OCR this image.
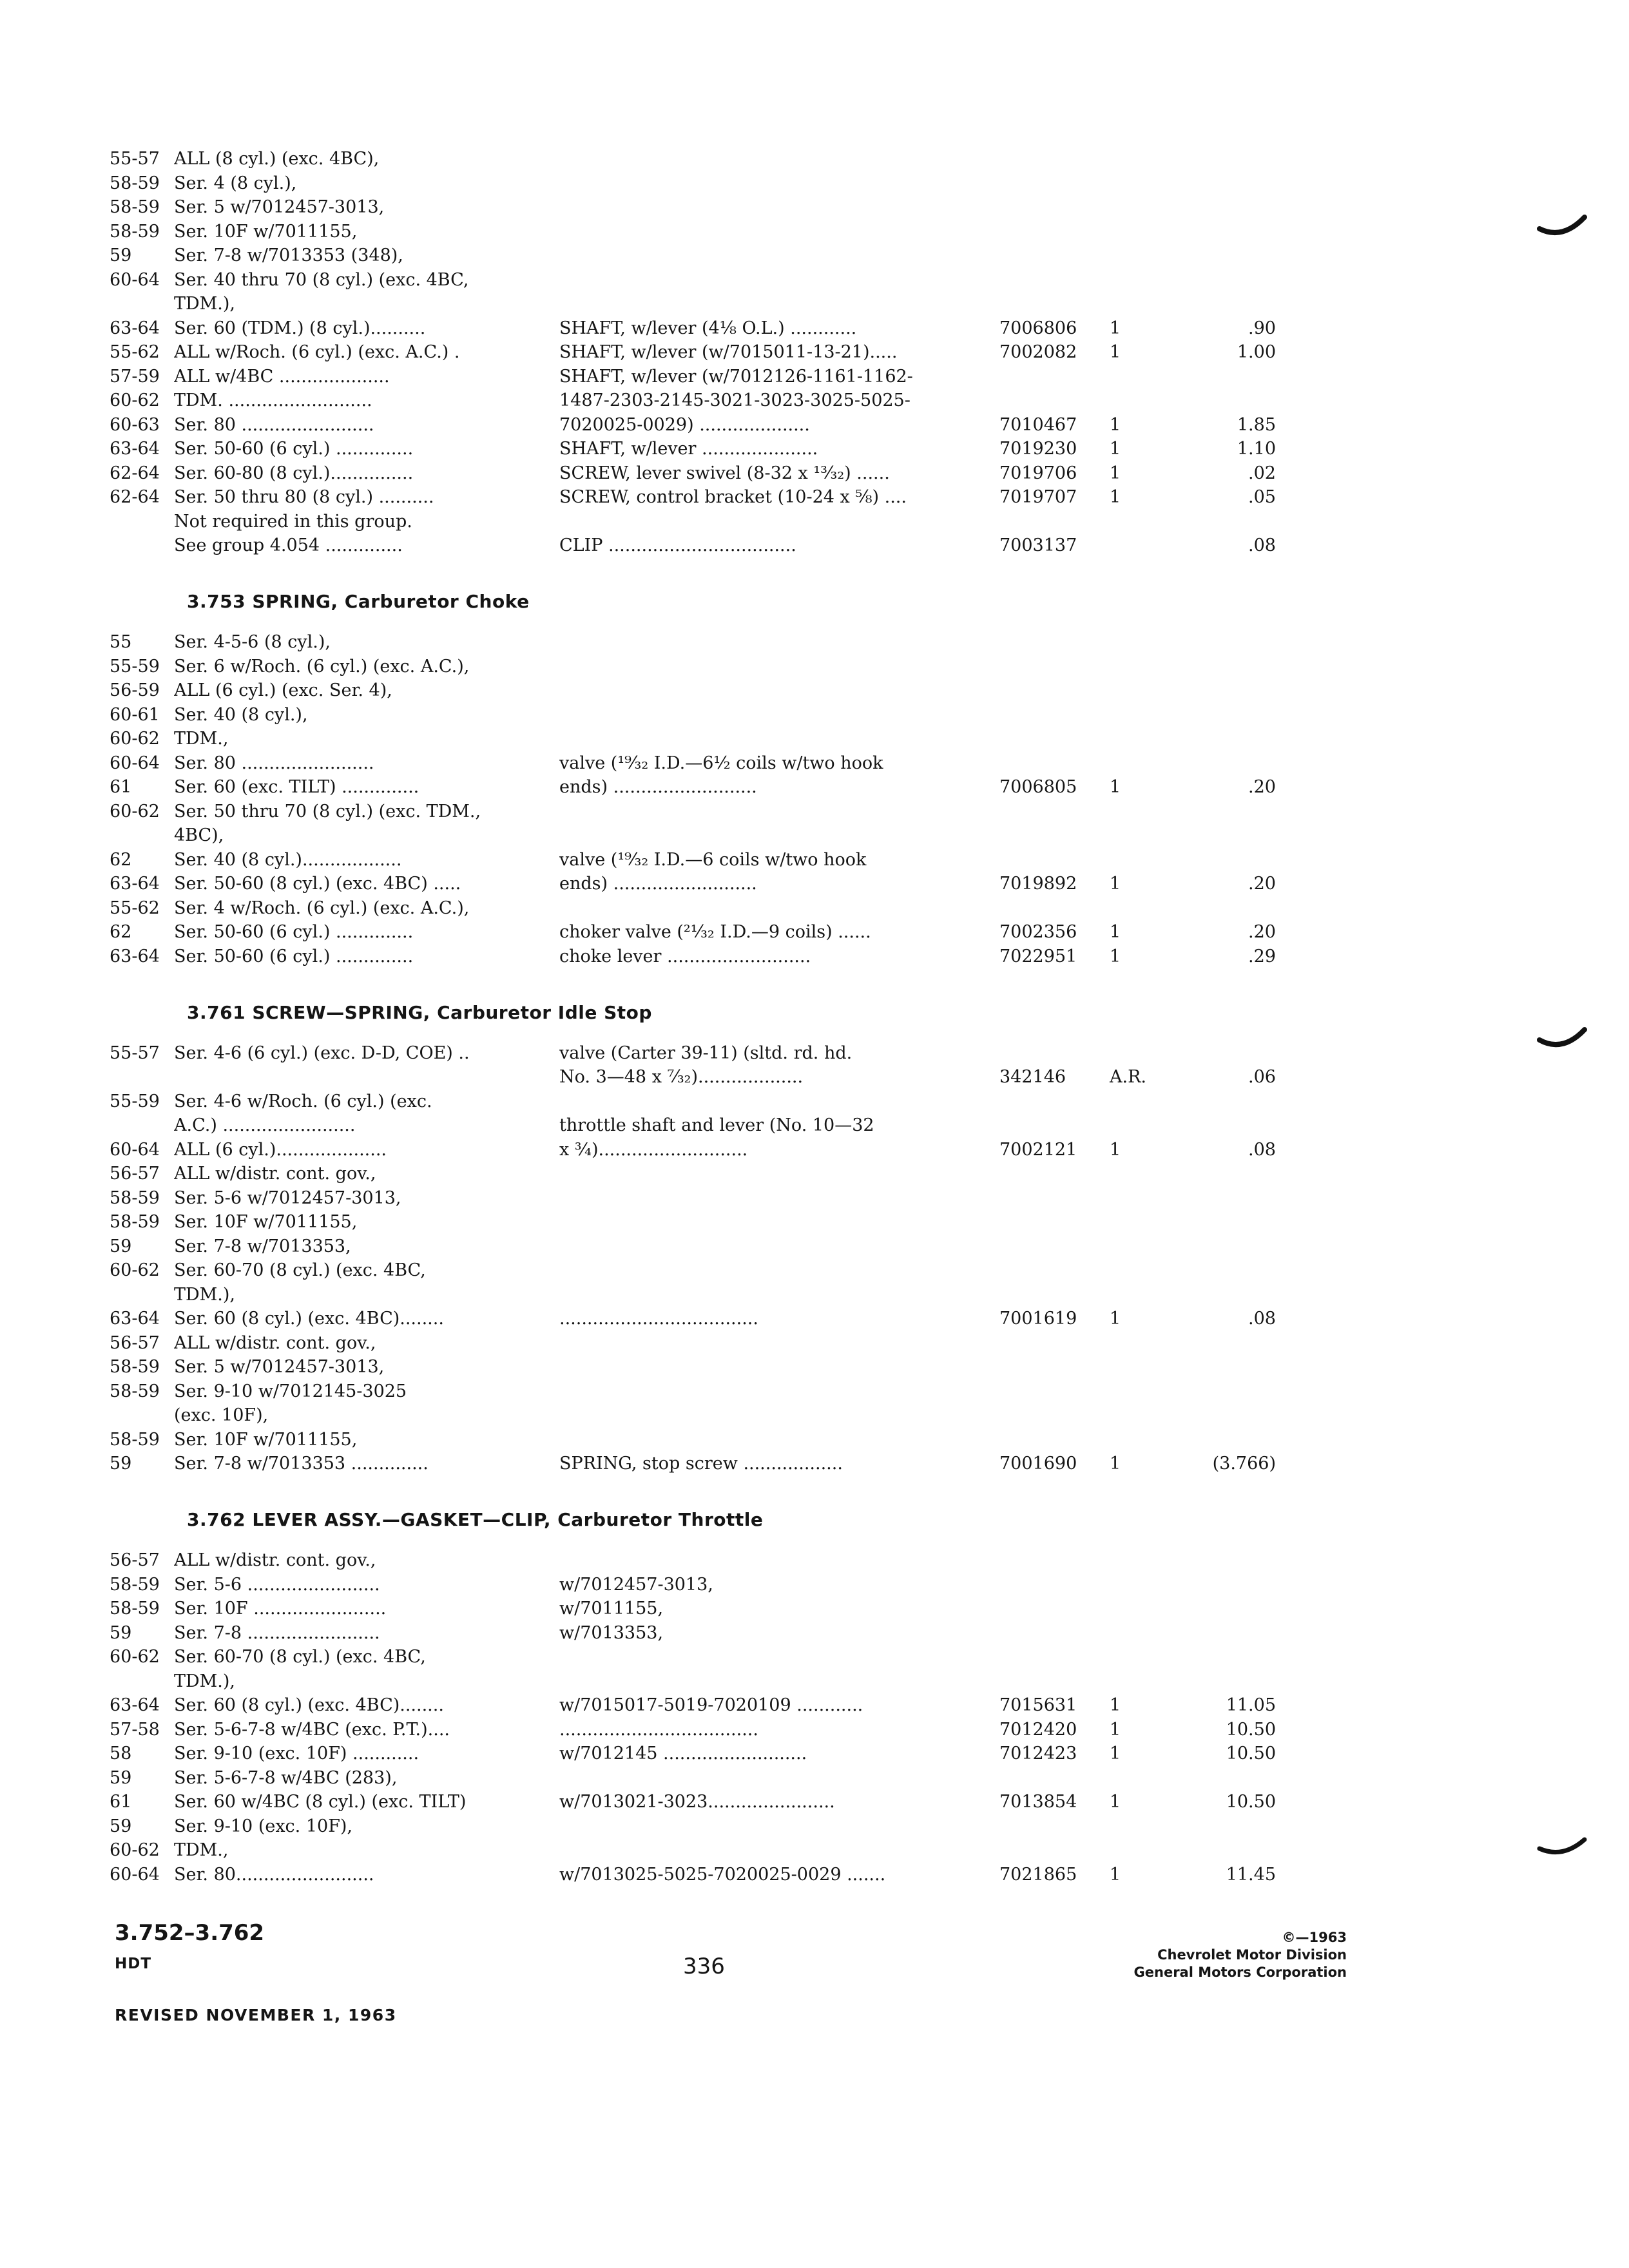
55-57 ALL (8 cyl.) (exc. 4BC),
58-59 Ser. 4 (8 cyl.),
58-59 Ser. 5 w/7012457-3013,
58-59 Ser. 10F w/7011155,
59 Ser. 7-8 w/7013353 (348),
60-64 Ser. 40 thru 70 (8 cyl.) (exc. 4BC,
TDM.),
63-64 Ser. 60 (TDM.) (8 cyl.)..........	SHAFT, w/lever (4⅛ O.L.) ............	7006806 1	.90
55-62 ALL w/Roch. (6 cyl.) (exc. A.C.) .	SHAFT, w/lever (w/7015011-13-21).....	7002082 1	1.00
57-59 ALL w/4BC ....................	SHAFT, w/lever (w/7012126-1161-1162-
60-62 TDM. ..........................	1487-2303-2145-3021-3023-3025-5025-
60-63 Ser. 80 ........................	7020025-0029) ....................	7010467 1	1.85
63-64 Ser. 50-60 (6 cyl.) ..............	SHAFT, w/lever .....................	7019230 1	1.10
62-64 Ser. 60-80 (8 cyl.)...............	SCREW, lever swivel (8-32 x ¹³⁄₃₂) ......	7019706 1	.02
62-64 Ser. 50 thru 80 (8 cyl.) ..........	SCREW, control bracket (10-24 x ⅝) ....	7019707 1	.05
Not required in this group.
See group 4.054 ..............	CLIP ..................................	7003137	.08
3.753 SPRING, Carburetor Choke
55 Ser. 4-5-6 (8 cyl.),
55-59 Ser. 6 w/Roch. (6 cyl.) (exc. A.C.),
56-59 ALL (6 cyl.) (exc. Ser. 4),
60-61 Ser. 40 (8 cyl.),
60-62 TDM.,
60-64 Ser. 80 ........................	valve (¹⁹⁄₃₂ I.D.—6½ coils w/two hook
61 Ser. 60 (exc. TILT) ..............	ends) ..........................	7006805 1	.20
60-62 Ser. 50 thru 70 (8 cyl.) (exc. TDM.,
4BC),
62 Ser. 40 (8 cyl.)..................	valve (¹⁹⁄₃₂ I.D.—6 coils w/two hook
63-64 Ser. 50-60 (8 cyl.) (exc. 4BC) .....	ends) ..........................	7019892 1	.20
55-62 Ser. 4 w/Roch. (6 cyl.) (exc. A.C.),
62 Ser. 50-60 (6 cyl.) ..............	choker valve (²¹⁄₃₂ I.D.—9 coils) ......	7002356 1	.20
63-64 Ser. 50-60 (6 cyl.) ..............	choke lever ..........................	7022951 1	.29
3.761 SCREW—SPRING, Carburetor Idle Stop
55-57 Ser. 4-6 (6 cyl.) (exc. D-D, COE) ..	valve (Carter 39-11) (sltd. rd. hd.
No. 3—48 x ⁷⁄₃₂)...................	342146	A.R.	.06
55-59 Ser. 4-6 w/Roch. (6 cyl.) (exc.
A.C.) ........................	throttle shaft and lever (No. 10—32
60-64 ALL (6 cyl.)....................	x ¾)...........................	7002121 1	.08
56-57 ALL w/distr. cont. gov.,
58-59 Ser. 5-6 w/7012457-3013,
58-59 Ser. 10F w/7011155,
59 Ser. 7-8 w/7013353,
60-62 Ser. 60-70 (8 cyl.) (exc. 4BC,
TDM.),
63-64 Ser. 60 (8 cyl.) (exc. 4BC)........	....................................	7001619 1	.08
56-57 ALL w/distr. cont. gov.,
58-59 Ser. 5 w/7012457-3013,
58-59 Ser. 9-10 w/7012145-3025
(exc. 10F),
58-59 Ser. 10F w/7011155,
59 Ser. 7-8 w/7013353 ..............	SPRING, stop screw ..................	7001690 1	(3.766)
3.762 LEVER ASSY.—GASKET—CLIP, Carburetor Throttle
56-57 ALL w/distr. cont. gov.,
58-59 Ser. 5-6 ........................	w/7012457-3013,
58-59 Ser. 10F ........................	w/7011155,
59 Ser. 7-8 ........................	w/7013353,
60-62 Ser. 60-70 (8 cyl.) (exc. 4BC,
TDM.),
63-64 Ser. 60 (8 cyl.) (exc. 4BC)........	w/7015017-5019-7020109 ............	7015631 1	11.05
57-58 Ser. 5-6-7-8 w/4BC (exc. P.T.)....	....................................	7012420 1	10.50
58 Ser. 9-10 (exc. 10F) ............	w/7012145 ..........................	7012423 1	10.50
59 Ser. 5-6-7-8 w/4BC (283),
61 Ser. 60 w/4BC (8 cyl.) (exc. TILT)	w/7013021-3023.......................	7013854 1	10.50
59 Ser. 9-10 (exc. 10F),
60-62 TDM.,
60-64 Ser. 80.........................	w/7013025-5025-7020025-0029 .......	7021865 1	11.45
3.752–3.762
HDT
REVISED NOVEMBER 1, 1963
336
©—1963
Chevrolet Motor Division
General Motors Corporation
